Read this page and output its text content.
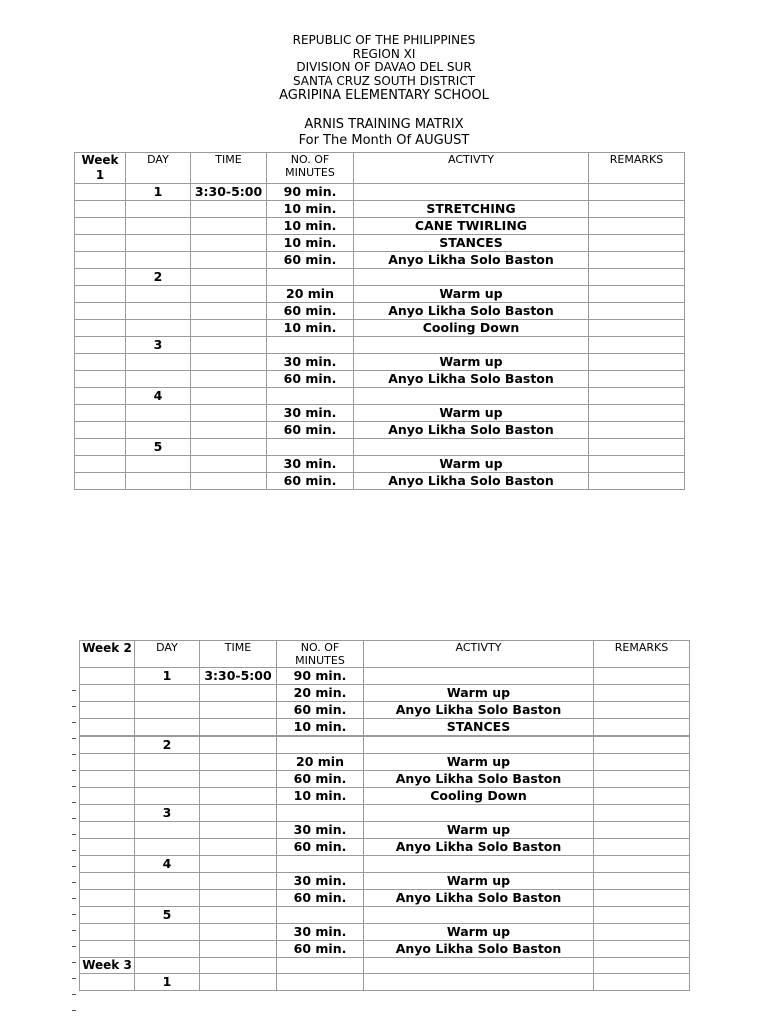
REPUBLIC OF THE PHILIPPINES
REGION XI
DIVISION OF DAVAO DEL SUR
SANTA CRUZ SOUTH DISTRICT
AGRIPINA ELEMENTARY SCHOOL
ARNIS TRAINING MATRIX
For The Month Of AUGUST
Week 1	DAY	TIME	NO. OF MINUTES	ACTIVTY	REMARKS
	1	3:30-5:00	90 min.		
			10 min.	STRETCHING	
			10 min.	CANE TWIRLING	
			10 min.	STANCES	
			60 min.	Anyo Likha Solo Baston	
	2				
			20 min	Warm up	
			60 min.	Anyo Likha Solo Baston	
			10 min.	Cooling Down	
	3				
			30 min.	Warm up	
			60 min.	Anyo Likha Solo Baston	
	4				
			30 min.	Warm up	
			60 min.	Anyo Likha Solo Baston	
	5				
			30 min.	Warm up	
			60 min.	Anyo Likha Solo Baston	
Week 2	DAY	TIME	NO. OF MINUTES	ACTIVTY	REMARKS
	1	3:30-5:00	90 min.		
			20 min.	Warm up	
			60 min.	Anyo Likha Solo Baston	
			10 min.	STANCES	

	2				
			20 min	Warm up	
			60 min.	Anyo Likha Solo Baston	
			10 min.	Cooling Down	
	3				
			30 min.	Warm up	
			60 min.	Anyo Likha Solo Baston	
	4				
			30 min.	Warm up	
			60 min.	Anyo Likha Solo Baston	
	5				
			30 min.	Warm up	
			60 min.	Anyo Likha Solo Baston	
Week 3					
	1				
